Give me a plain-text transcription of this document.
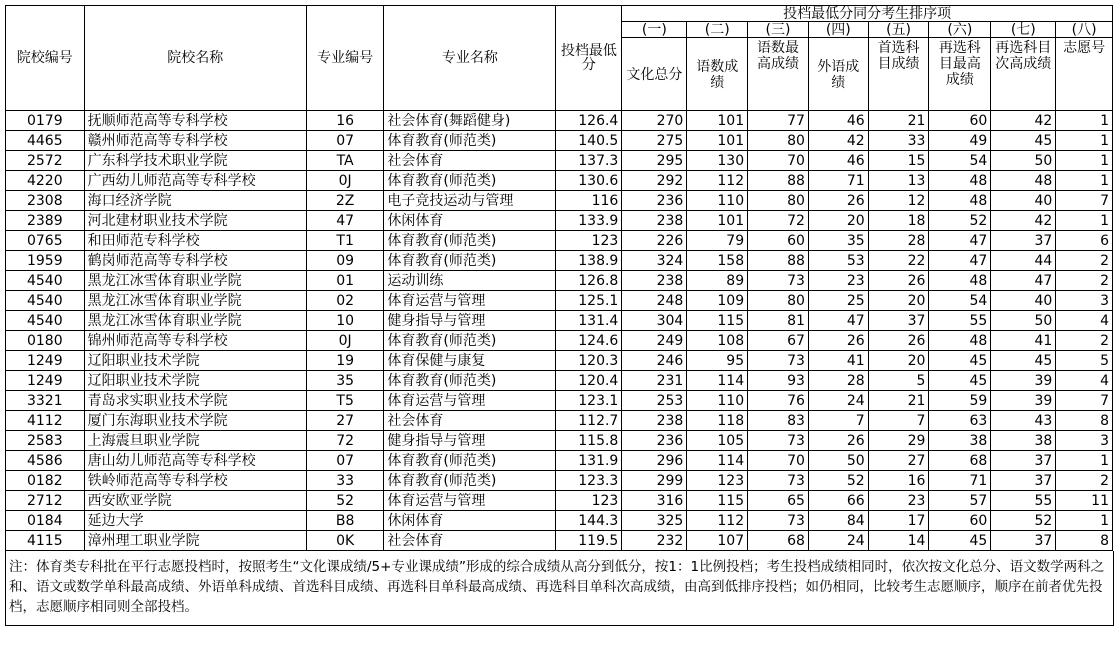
院校编号	院校名称	专业编号	专业名称	投档最低分	投档最低分同分考生排序项							
					(一)	(二)	(三)	(四)	(五)	(六)	(七)	(八)
					文化总分	语数成绩	语数最高成绩	外语成绩	首选科目成绩	再选科目最高成绩	再选科目次高成绩	志愿号
0179	抚顺师范高等专科学校	16	社会体育(舞蹈健身)	126.4	270	101	77	46	21	60	42	1
4465	赣州师范高等专科学校	07	体育教育(师范类)	140.5	275	101	80	42	33	49	45	1
2572	广东科学技术职业学院	TA	社会体育	137.3	295	130	70	46	15	54	50	1
4220	广西幼儿师范高等专科学校	0J	体育教育(师范类)	130.6	292	112	88	71	13	48	48	1
2308	海口经济学院	2Z	电子竞技运动与管理	116	236	110	80	26	12	48	40	7
2389	河北建材职业技术学院	47	休闲体育	133.9	238	101	72	20	18	52	42	1
0765	和田师范专科学校	T1	体育教育(师范类)	123	226	79	60	35	28	47	37	6
1959	鹤岗师范高等专科学校	09	体育教育(师范类)	138.9	324	158	88	53	22	47	44	2
4540	黑龙江冰雪体育职业学院	01	运动训练	126.8	238	89	73	23	26	48	47	2
4540	黑龙江冰雪体育职业学院	02	体育运营与管理	125.1	248	109	80	25	20	54	40	3
4540	黑龙江冰雪体育职业学院	10	健身指导与管理	131.4	304	115	81	47	37	55	50	4
0180	锦州师范高等专科学校	0J	体育教育(师范类)	124.6	249	108	67	26	26	48	41	2
1249	辽阳职业技术学院	19	体育保健与康复	120.3	246	95	73	41	20	45	45	5
1249	辽阳职业技术学院	35	体育教育(师范类)	120.4	231	114	93	28	5	45	39	4
3321	青岛求实职业技术学院	T5	体育运营与管理	123.1	253	110	76	24	21	59	39	7
4112	厦门东海职业技术学院	27	社会体育	112.7	238	118	83	7	7	63	43	8
2583	上海震旦职业学院	72	健身指导与管理	115.8	236	105	73	26	29	38	38	3
4586	唐山幼儿师范高等专科学校	07	体育教育(师范类)	131.9	296	114	70	50	27	68	37	1
0182	铁岭师范高等专科学校	33	体育教育(师范类)	123.3	299	123	73	52	16	71	37	2
2712	西安欧亚学院	52	体育运营与管理	123	316	115	65	66	23	57	55	11
0184	延边大学	B8	休闲体育	144.3	325	112	73	84	17	60	52	1
4115	漳州理工职业学院	0K	社会体育	119.5	232	107	68	24	14	45	37	8
注：体育类专科批在平行志愿投档时，按照考生“文化课成绩/5+专业课成绩”形成的综合成绩从高分到低分，按1：1比例投档；考生投档成绩相同时，依次按文化总分、语文数学两科之和、语文或数学单科最高成绩、外语单科成绩、首选科目成绩、再选科目单科最高成绩、再选科目单科次高成绩，由高到低排序投档；如仍相同，比较考生志愿顺序，顺序在前者优先投档，志愿顺序相同则全部投档。
